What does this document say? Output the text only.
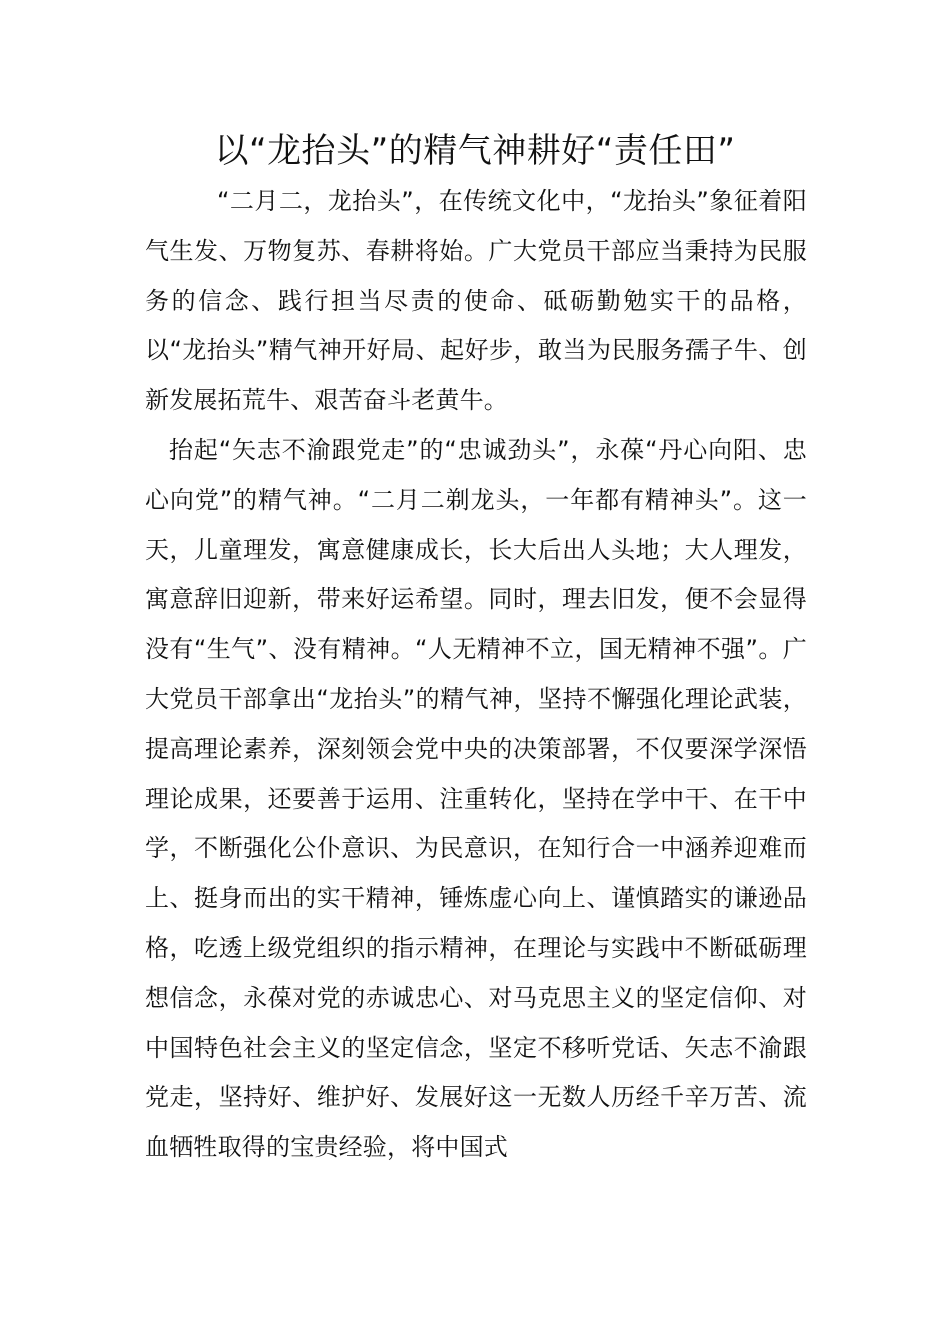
以“龙抬头”的精气神耕好“责任田”

“二月二，龙抬头”，在传统文化中，“龙抬头”象征着阳气生发、万物复苏、春耕将始。广大党员干部应当秉持为民服务的信念、践行担当尽责的使命、砥砺勤勉实干的品格，以“龙抬头”精气神开好局、起好步，敢当为民服务孺子牛、创新发展拓荒牛、艰苦奋斗老黄牛。

抬起“矢志不渝跟党走”的“忠诚劲头”，永葆“丹心向阳、忠心向党”的精气神。“二月二剃龙头，一年都有精神头”。这一天，儿童理发，寓意健康成长，长大后出人头地；大人理发，寓意辞旧迎新，带来好运希望。同时，理去旧发，便不会显得没有“生气”、没有精神。“人无精神不立，国无精神不强”。广大党员干部拿出“龙抬头”的精气神，坚持不懈强化理论武装，提高理论素养，深刻领会党中央的决策部署，不仅要深学深悟理论成果，还要善于运用、注重转化，坚持在学中干、在干中学，不断强化公仆意识、为民意识，在知行合一中涵养迎难而上、挺身而出的实干精神，锤炼虚心向上、谨慎踏实的谦逊品格，吃透上级党组织的指示精神，在理论与实践中不断砥砺理想信念，永葆对党的赤诚忠心、对马克思主义的坚定信仰、对中国特色社会主义的坚定信念，坚定不移听党话、矢志不渝跟党走，坚持好、维护好、发展好这一无数人历经千辛万苦、流血牺牲取得的宝贵经验，将中国式
